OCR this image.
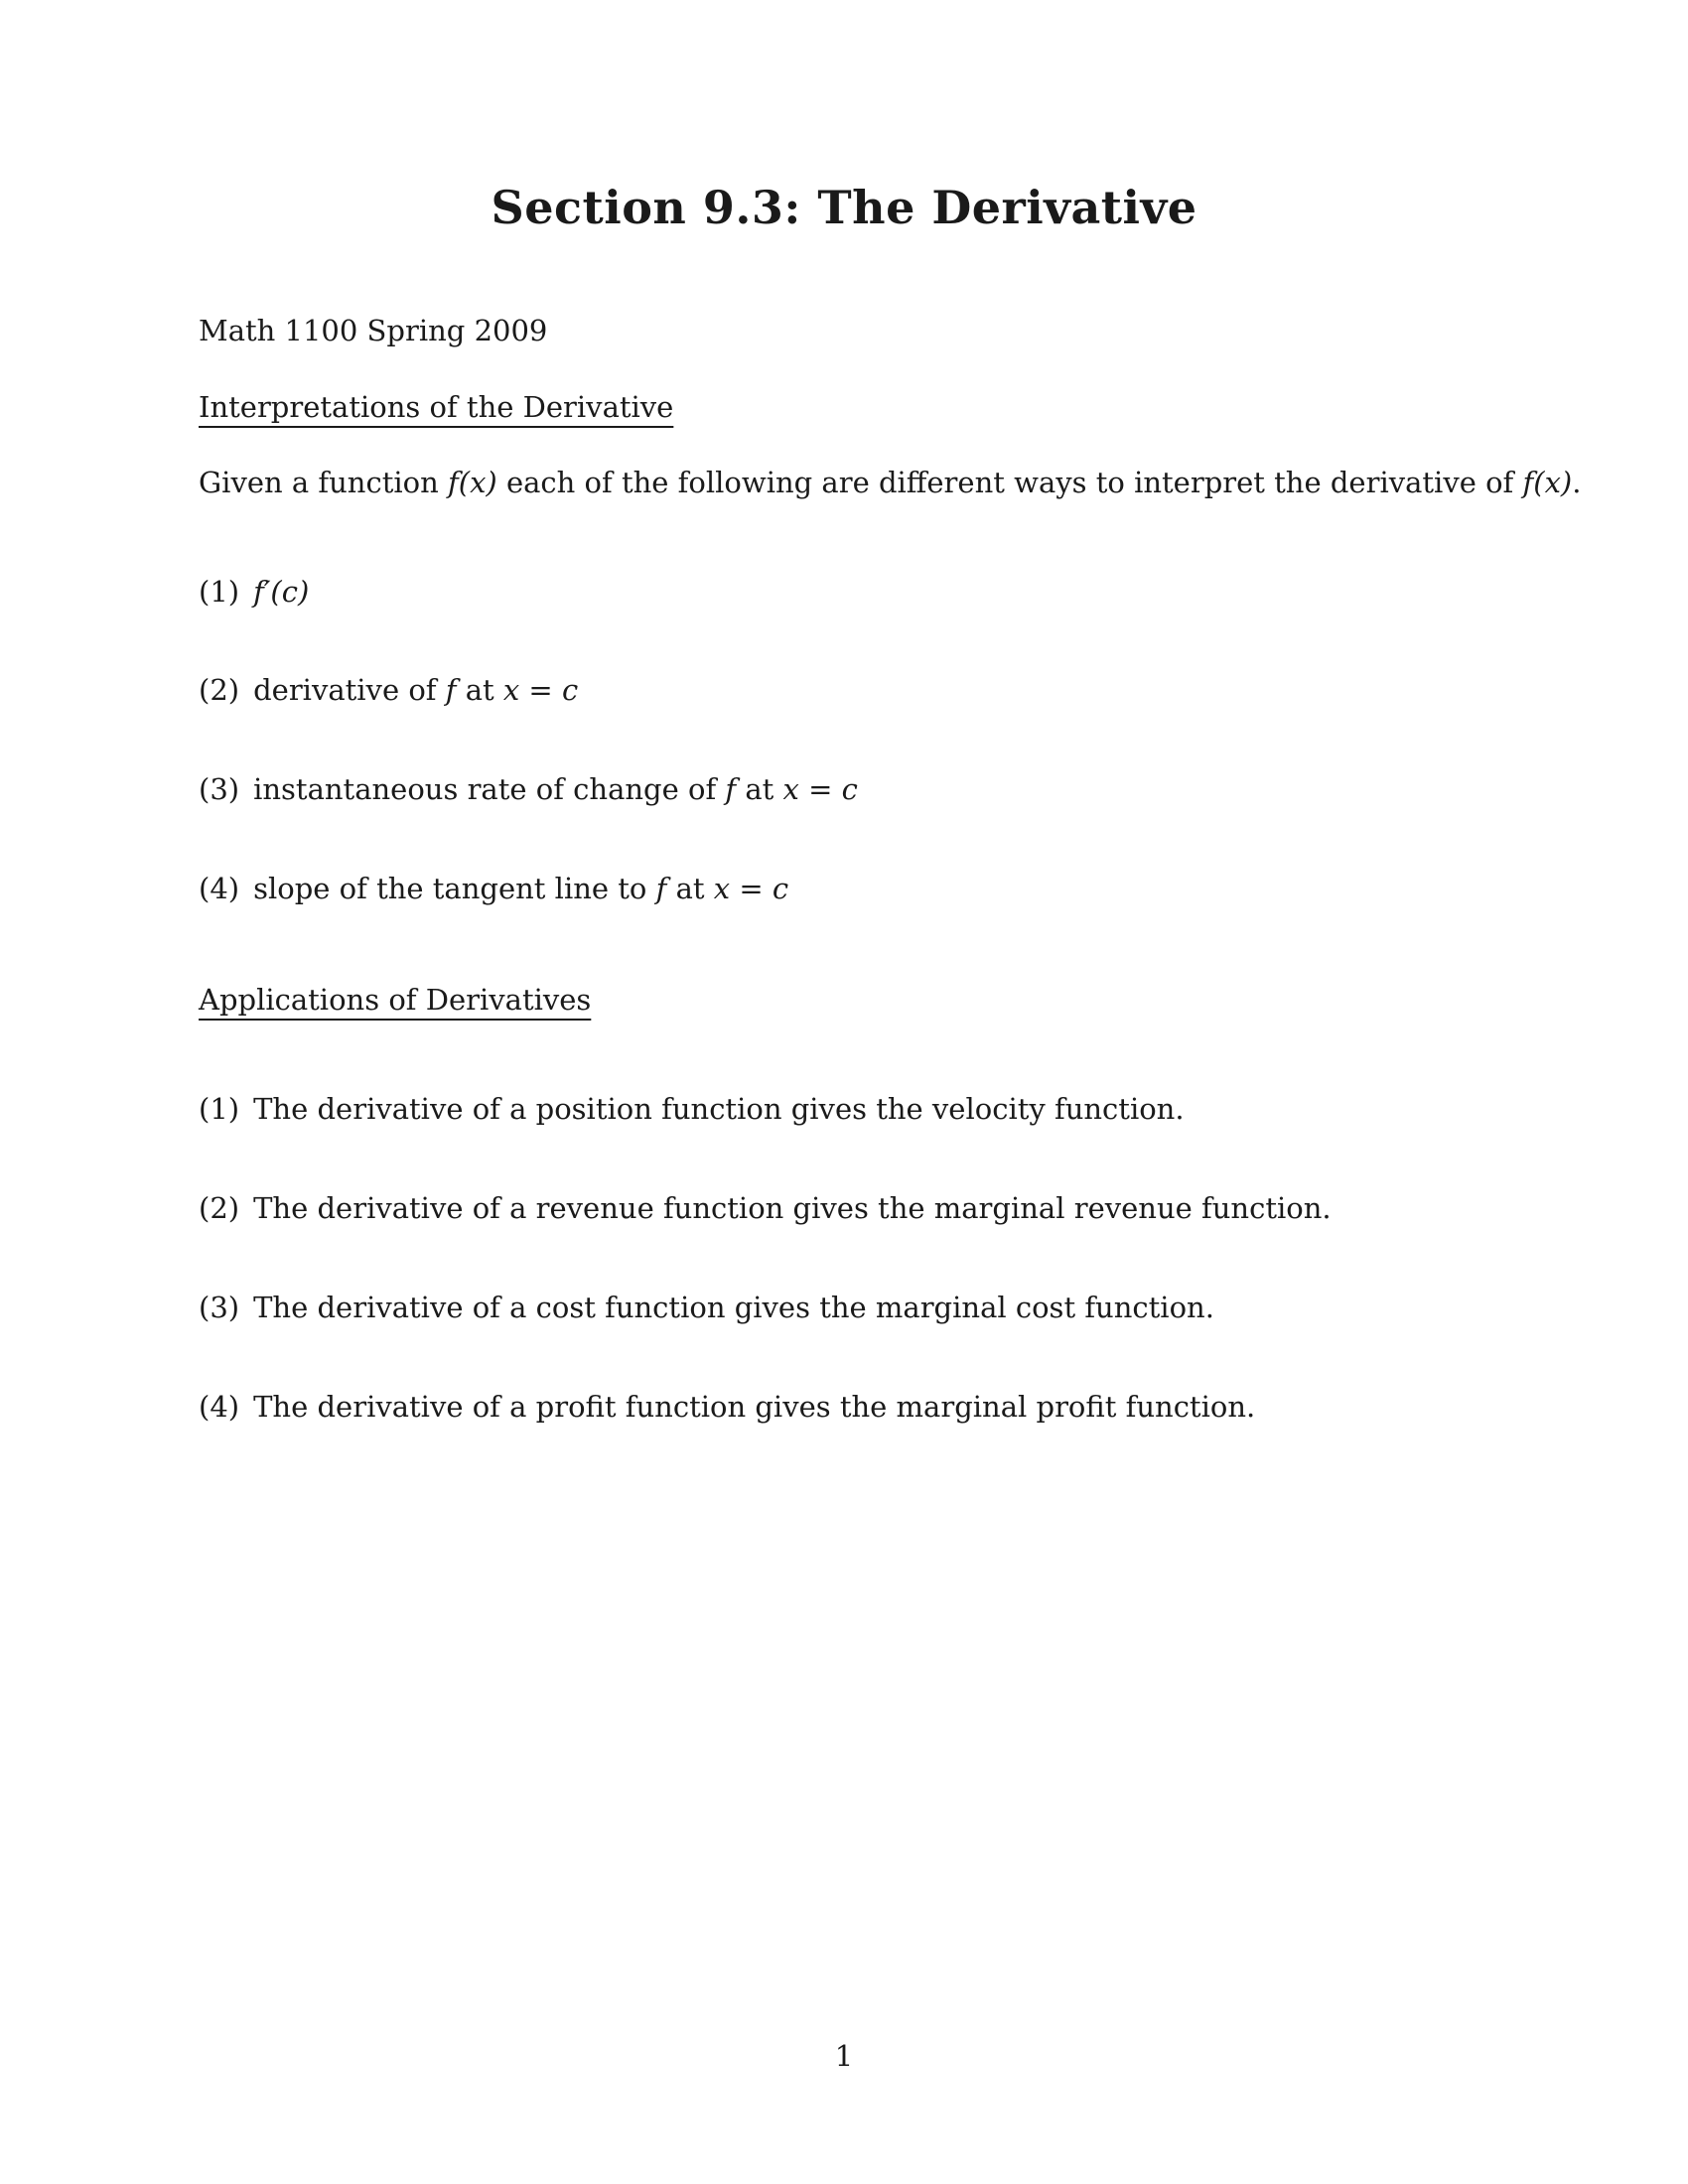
Section 9.3: The Derivative

Math 1100 Spring 2009

Interpretations of the Derivative

Given a function f(x) each of the following are different ways to interpret the derivative of f(x).

(1) f′(c)

(2) derivative of f at x = c

(3) instantaneous rate of change of f at x = c

(4) slope of the tangent line to f at x = c

Applications of Derivatives

(1) The derivative of a position function gives the velocity function.

(2) The derivative of a revenue function gives the marginal revenue function.

(3) The derivative of a cost function gives the marginal cost function.

(4) The derivative of a profit function gives the marginal profit function.

1
